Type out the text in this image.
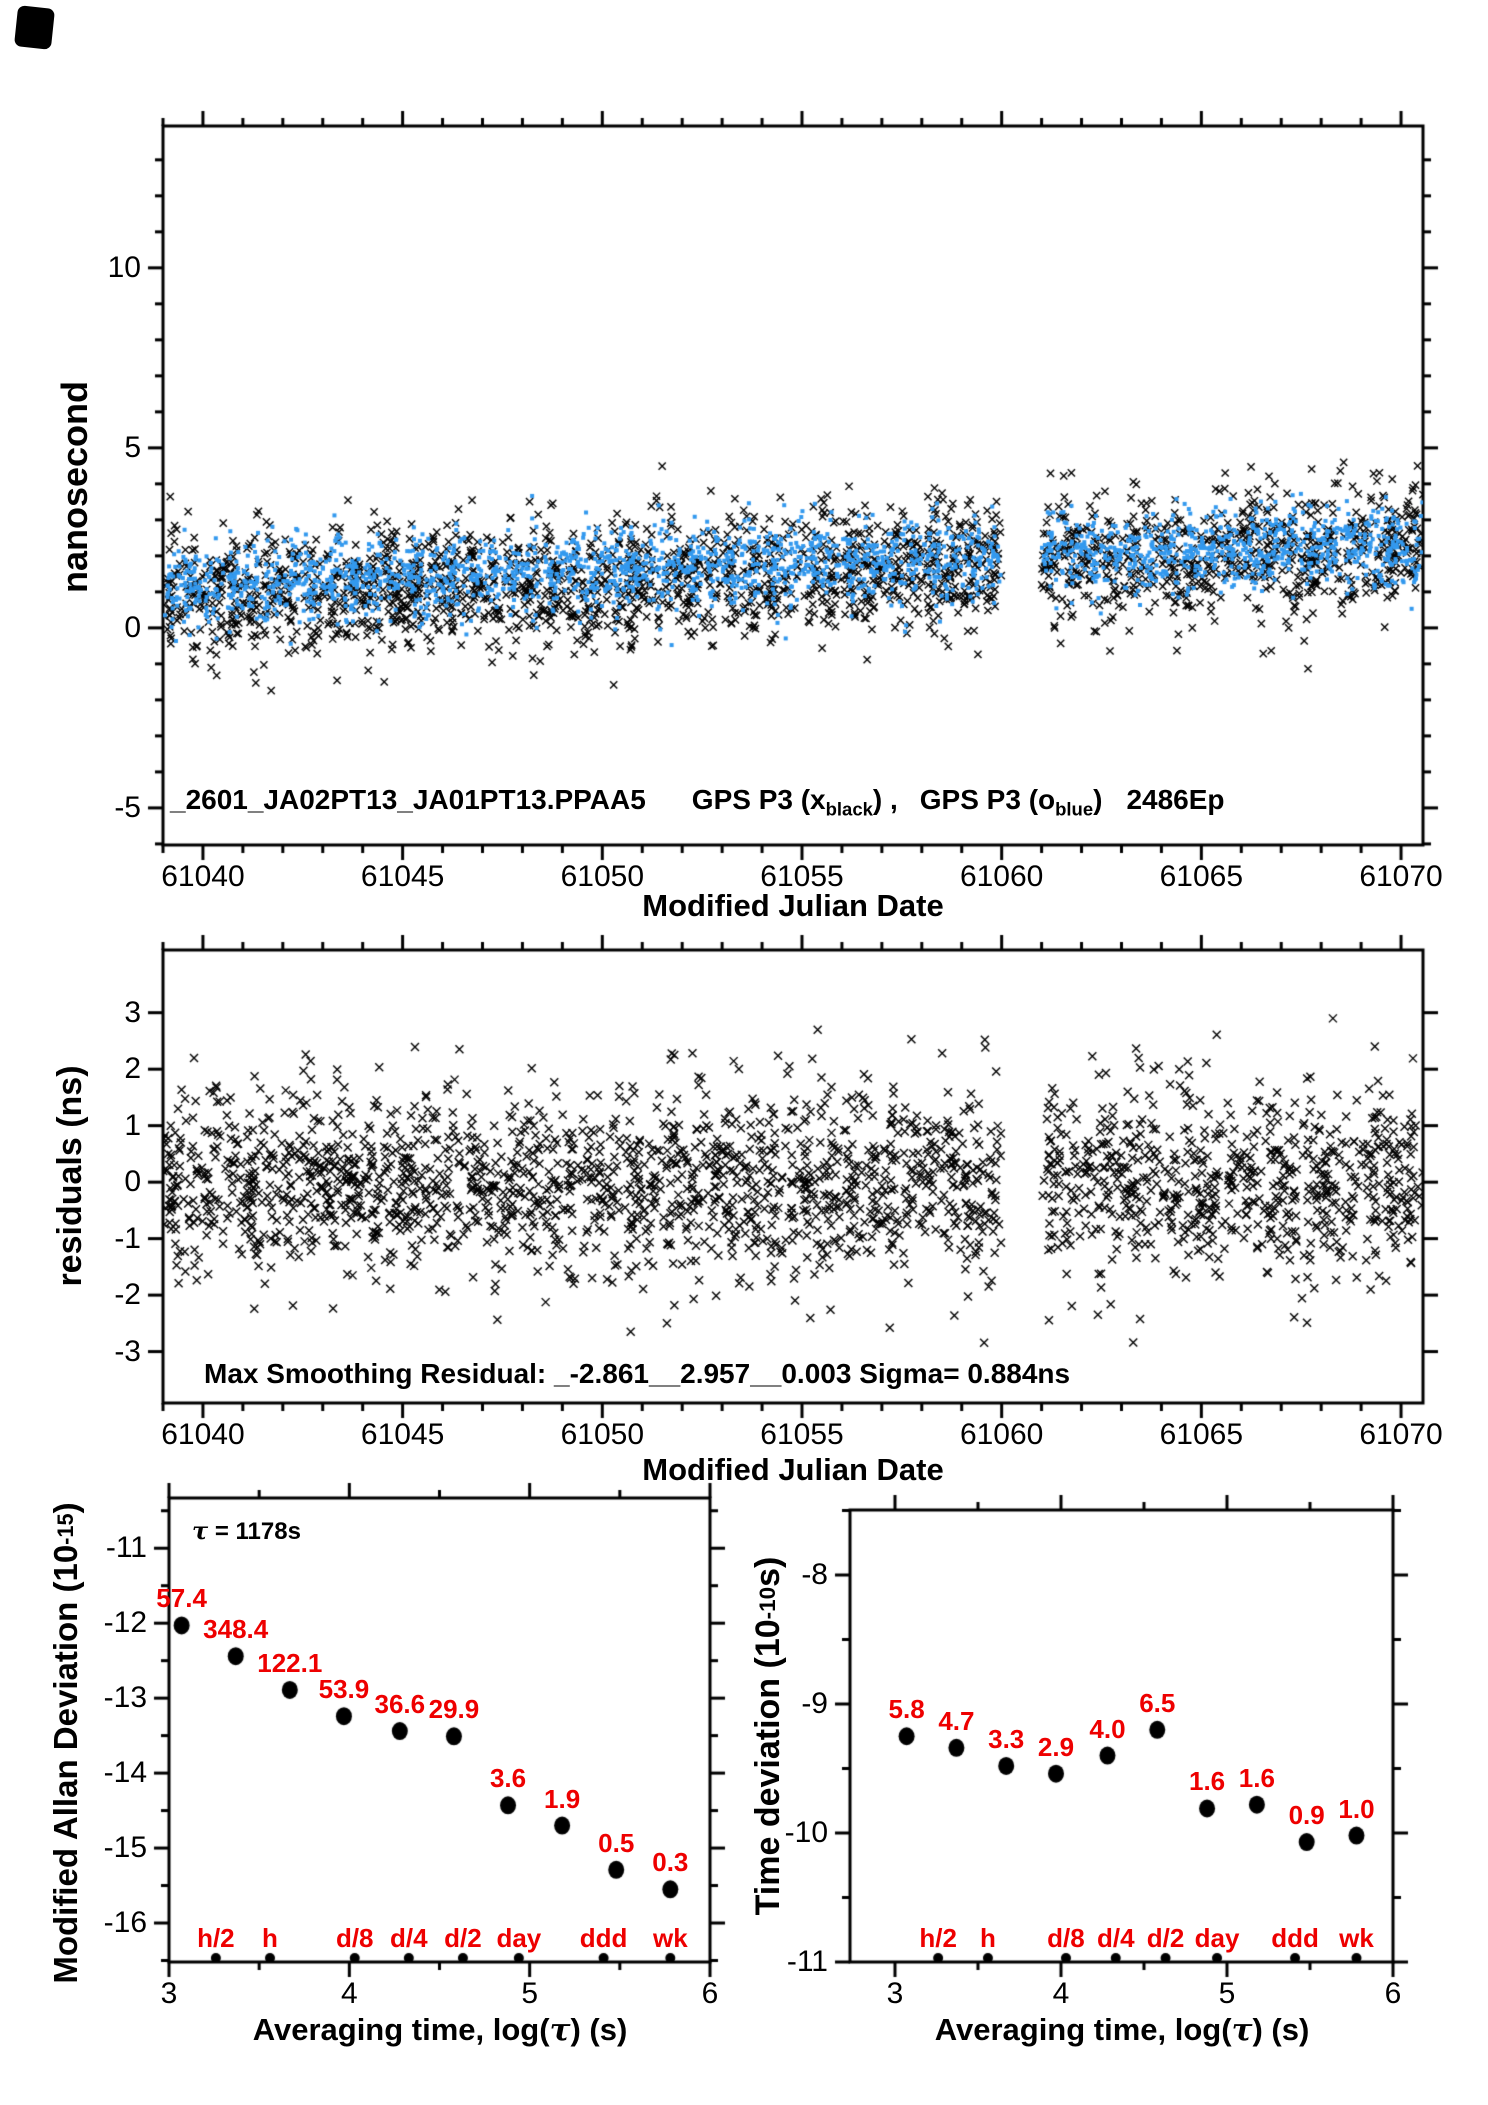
nanosecond
_2601_JA02PT13_JA01PT13.PPAA5 GPS P3 $(x_{black})$ , GPS P3 $(o_{blue})$ 2486Ep
Modified Julian Date
residuals (ns)
Max Smoothing Residual: _-2.861__2.957__0.003 Sigma= 0.884ns
Modified Julian Date
Modified Allan Deviation (10
-15
)
τ = 1178s
Averaging time, log(τ) (s)
Time deviation (10
-10
s)
Averaging time, log(τ) (s)
61040	61045	61050	61055	61060	61065	61070
10
5
0
-5
61040	61045	61050	61055	61060	61065	61070
3
2
1
0
-1
-2
-3
3	4	5	6
-11
-12
-13
-14
-15
-16
57.4
348.4
122.1
53.9 36.6 29.9
3.6
1.9
0.5
0.3
h/2	h	d/8 d/4 d/2 day	ddd wk
3	4	5	6
-8
-9
-10
-11
5.8 4.7
3.3 2.9
4.0
6.5
1.6 1.6
0.9 1.0
h/2 h	d/8 d/4 d/2 day	ddd wk
